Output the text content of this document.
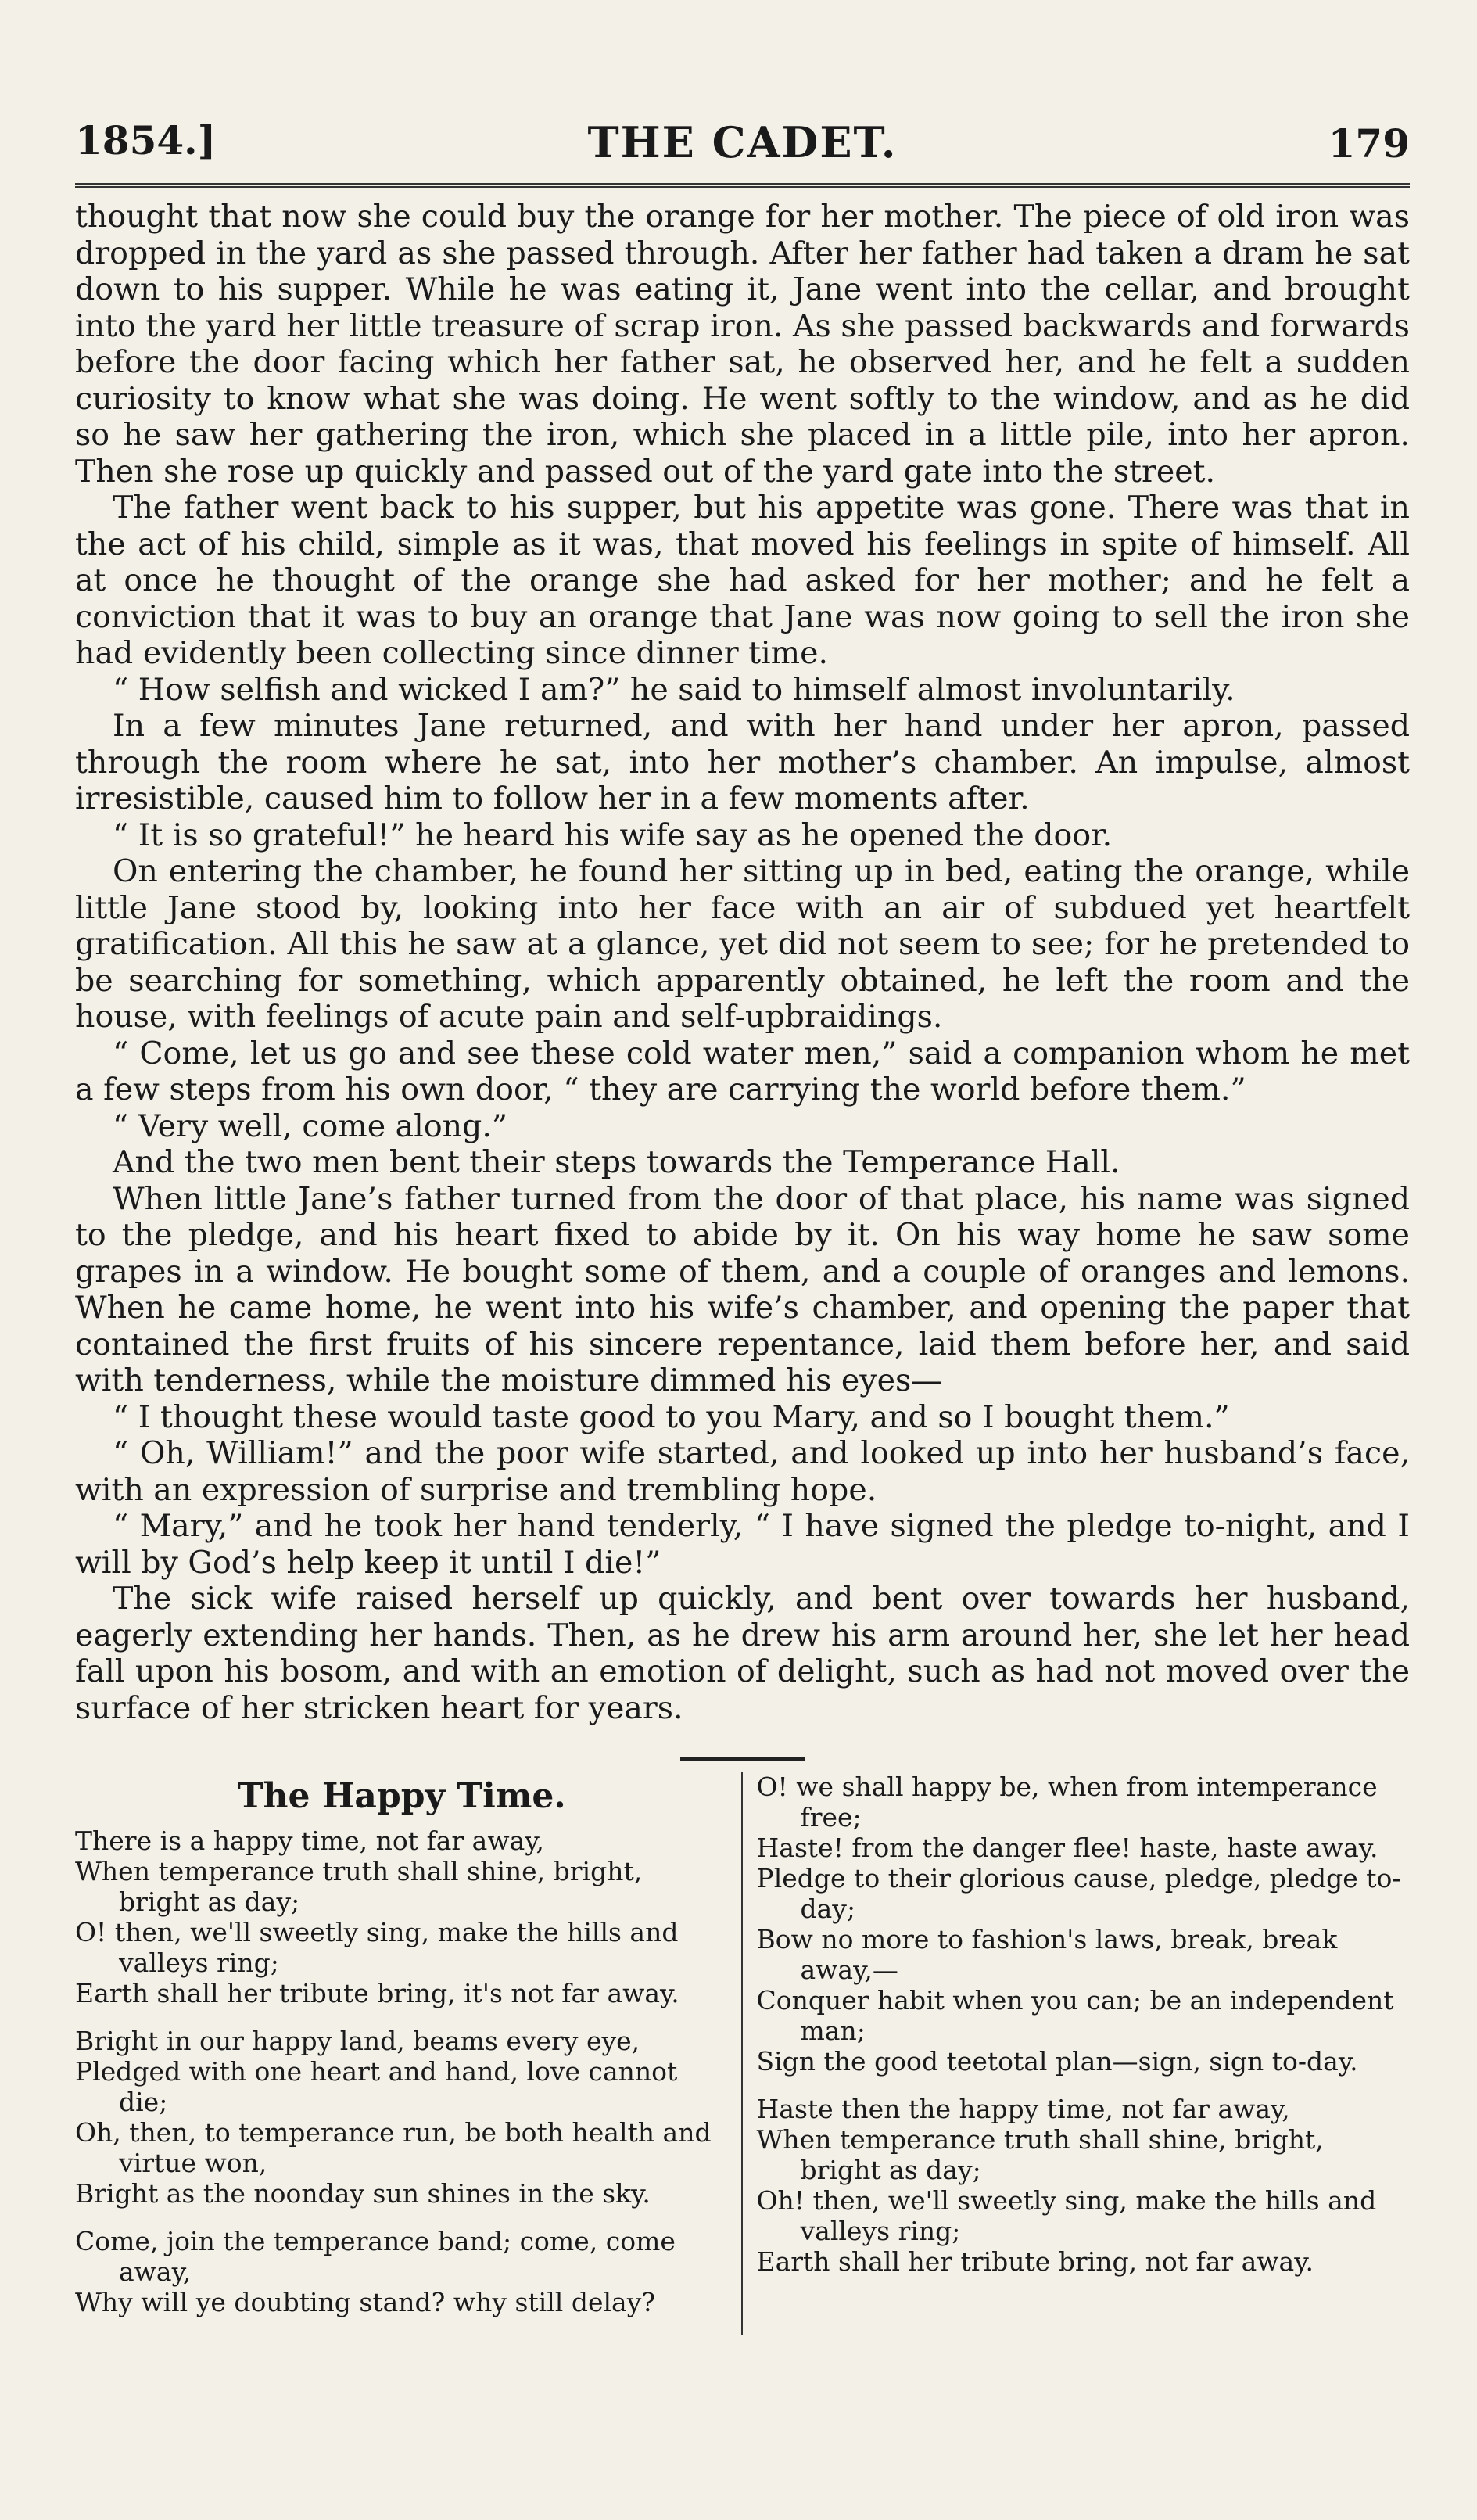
1854.]	THE CADET.	179

thought that now she could buy the orange for her mother. The piece of old iron was dropped in the yard as she passed through. After her father had taken a dram he sat down to his supper. While he was eating it, Jane went into the cellar, and brought into the yard her little treasure of scrap iron. As she passed backwards and forwards before the door facing which her father sat, he observed her, and he felt a sudden curiosity to know what she was doing. He went softly to the window, and as he did so he saw her gathering the iron, which she placed in a little pile, into her apron. Then she rose up quickly and passed out of the yard gate into the street.

The father went back to his supper, but his appetite was gone. There was that in the act of his child, simple as it was, that moved his feelings in spite of himself. All at once he thought of the orange she had asked for her mother; and he felt a conviction that it was to buy an orange that Jane was now going to sell the iron she had evidently been collecting since dinner time.

“ How selfish and wicked I am?” he said to himself almost involuntarily.

In a few minutes Jane returned, and with her hand under her apron, passed through the room where he sat, into her mother’s chamber. An impulse, almost irresistible, caused him to follow her in a few moments after.

“ It is so grateful!” he heard his wife say as he opened the door.

On entering the chamber, he found her sitting up in bed, eating the orange, while little Jane stood by, looking into her face with an air of subdued yet heartfelt gratification. All this he saw at a glance, yet did not seem to see; for he pretended to be searching for something, which apparently obtained, he left the room and the house, with feelings of acute pain and self-upbraidings.

“ Come, let us go and see these cold water men,” said a companion whom he met a few steps from his own door, “ they are carrying the world before them.”

“ Very well, come along.”

And the two men bent their steps towards the Temperance Hall.

When little Jane’s father turned from the door of that place, his name was signed to the pledge, and his heart fixed to abide by it. On his way home he saw some grapes in a window. He bought some of them, and a couple of oranges and lemons. When he came home, he went into his wife’s chamber, and opening the paper that contained the first fruits of his sincere repentance, laid them before her, and said with tenderness, while the moisture dimmed his eyes—

“ I thought these would taste good to you Mary, and so I bought them.”

“ Oh, William!” and the poor wife started, and looked up into her husband’s face, with an expression of surprise and trembling hope.

“ Mary,” and he took her hand tenderly, “ I have signed the pledge to-night, and I will by God’s help keep it until I die!”

The sick wife raised herself up quickly, and bent over towards her husband, eagerly extending her hands. Then, as he drew his arm around her, she let her head fall upon his bosom, and with an emotion of delight, such as had not moved over the surface of her stricken heart for years.

The Happy Time.
There is a happy time, not far away,
When temperance truth shall shine, bright, bright as day;
O! then, we'll sweetly sing, make the hills and valleys ring;
Earth shall her tribute bring, it's not far away.
Bright in our happy land, beams every eye,
Pledged with one heart and hand, love cannot die;
Oh, then, to temperance run, be both health and virtue won,
Bright as the noonday sun shines in the sky.
Come, join the temperance band; come, come away,
Why will ye doubting stand? why still delay?
O! we shall happy be, when from intemperance free;
Haste! from the danger flee! haste, haste away.
Pledge to their glorious cause, pledge, pledge to-day;
Bow no more to fashion's laws, break, break away,—
Conquer habit when you can; be an independent man;
Sign the good teetotal plan—sign, sign to-day.
Haste then the happy time, not far away,
When temperance truth shall shine, bright, bright as day;
Oh! then, we'll sweetly sing, make the hills and valleys ring;
Earth shall her tribute bring, not far away.
